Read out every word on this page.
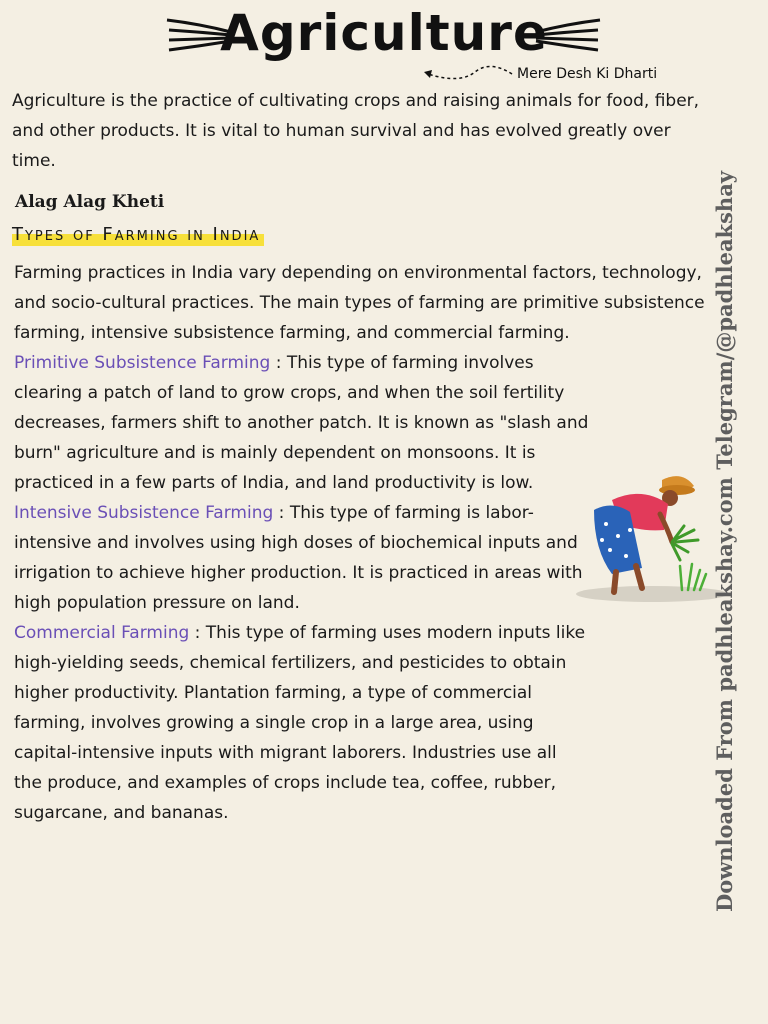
Agriculture
Mere Desh Ki Dharti
Agriculture is the practice of cultivating crops and raising animals for food, fiber, and other products. It is vital to human survival and has evolved greatly over time.
Alag Alag Kheti
Types of Farming in India

Farming practices in India vary depending on environmental factors, technology, and socio-cultural practices. The main types of farming are primitive subsistence farming, intensive subsistence farming, and commercial farming.

Primitive Subsistence Farming : This type of farming involves clearing a patch of land to grow crops, and when the soil fertility decreases, farmers shift to another patch. It is known as "slash and burn" agriculture and is mainly dependent on monsoons. It is practiced in a few parts of India, and land productivity is low.

Intensive Subsistence Farming : This type of farming is labor-intensive and involves using high doses of biochemical inputs and irrigation to achieve higher production. It is practiced in areas with high population pressure on land.

Commercial Farming : This type of farming uses modern inputs like high-yielding seeds, chemical fertilizers, and pesticides to obtain higher productivity. Plantation farming, a type of commercial farming, involves growing a single crop in a large area, using capital-intensive inputs with migrant laborers. Industries use all the produce, and examples of crops include tea, coffee, rubber, sugarcane, and bananas.	Downloaded From padhleakshay.com Telegram/@padhleakshay
